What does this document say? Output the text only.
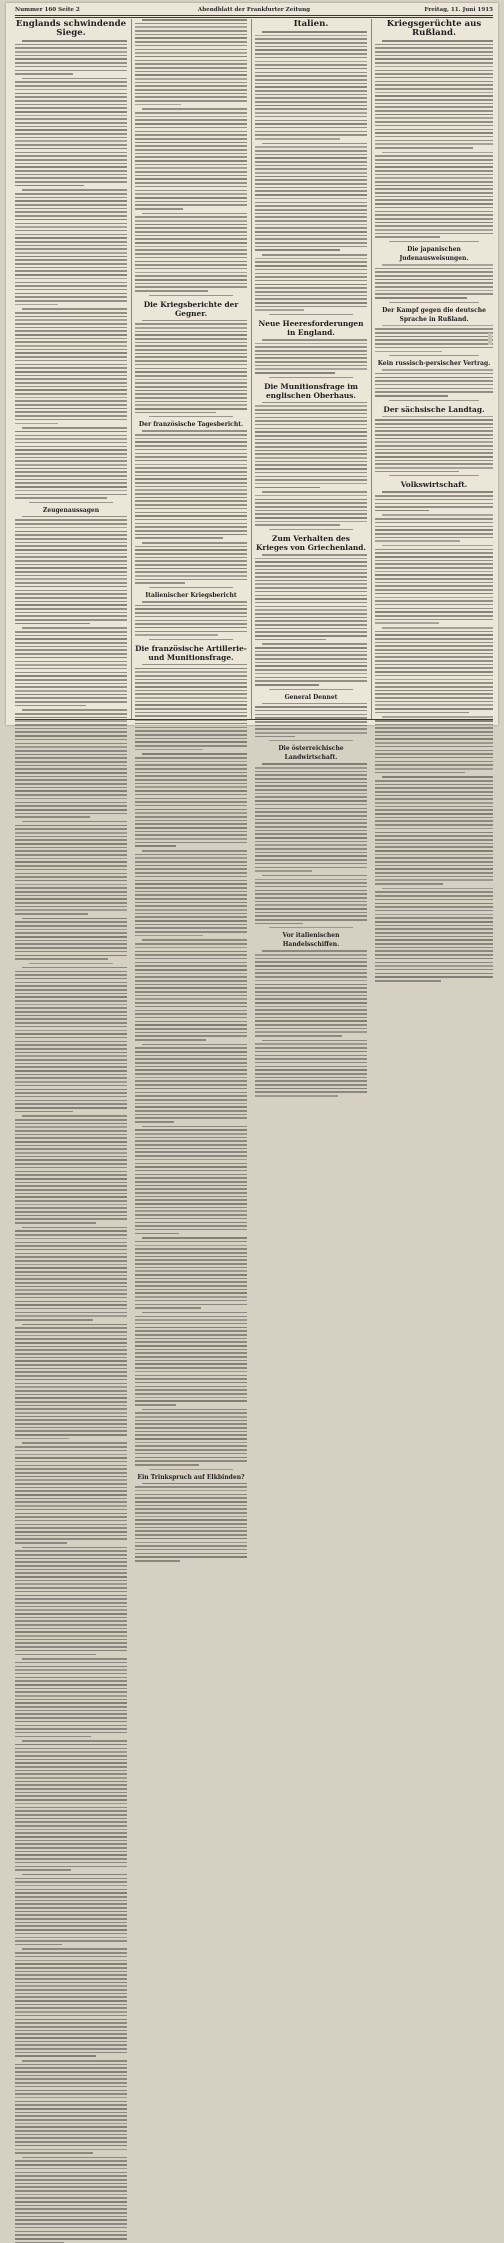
Nummer 160 Seite 2	Abendblatt der Frankfurter Zeitung	Freitag, 11. Juni 1915
Englands schwindende Siege.
Zeugenaussagen
Die Kriegsberichte der Gegner.
Der französische Tagesbericht.
Italienischer Kriegsbericht
Die französische Artillerie- und Munitionsfrage.
Ein Trinkspruch auf Elkbinden?
Italien.
Neue Heeresforderungen in England.
Die Munitionsfrage im englischen Oberhaus.
Zum Verhalten des Krieges von Griechenland.
General Dennet
Die österreichische Landwirtschaft.
Vor italienischen Handelsschiffen.
Kriegsgerüchte aus Rußland.
Die japanischen Judenausweisungen.
Der Kampf gegen die deutsche Sprache in Rußland.
Kein russisch-persischer Vertrag.
Der sächsische Landtag.
Volkswirtschaft.
